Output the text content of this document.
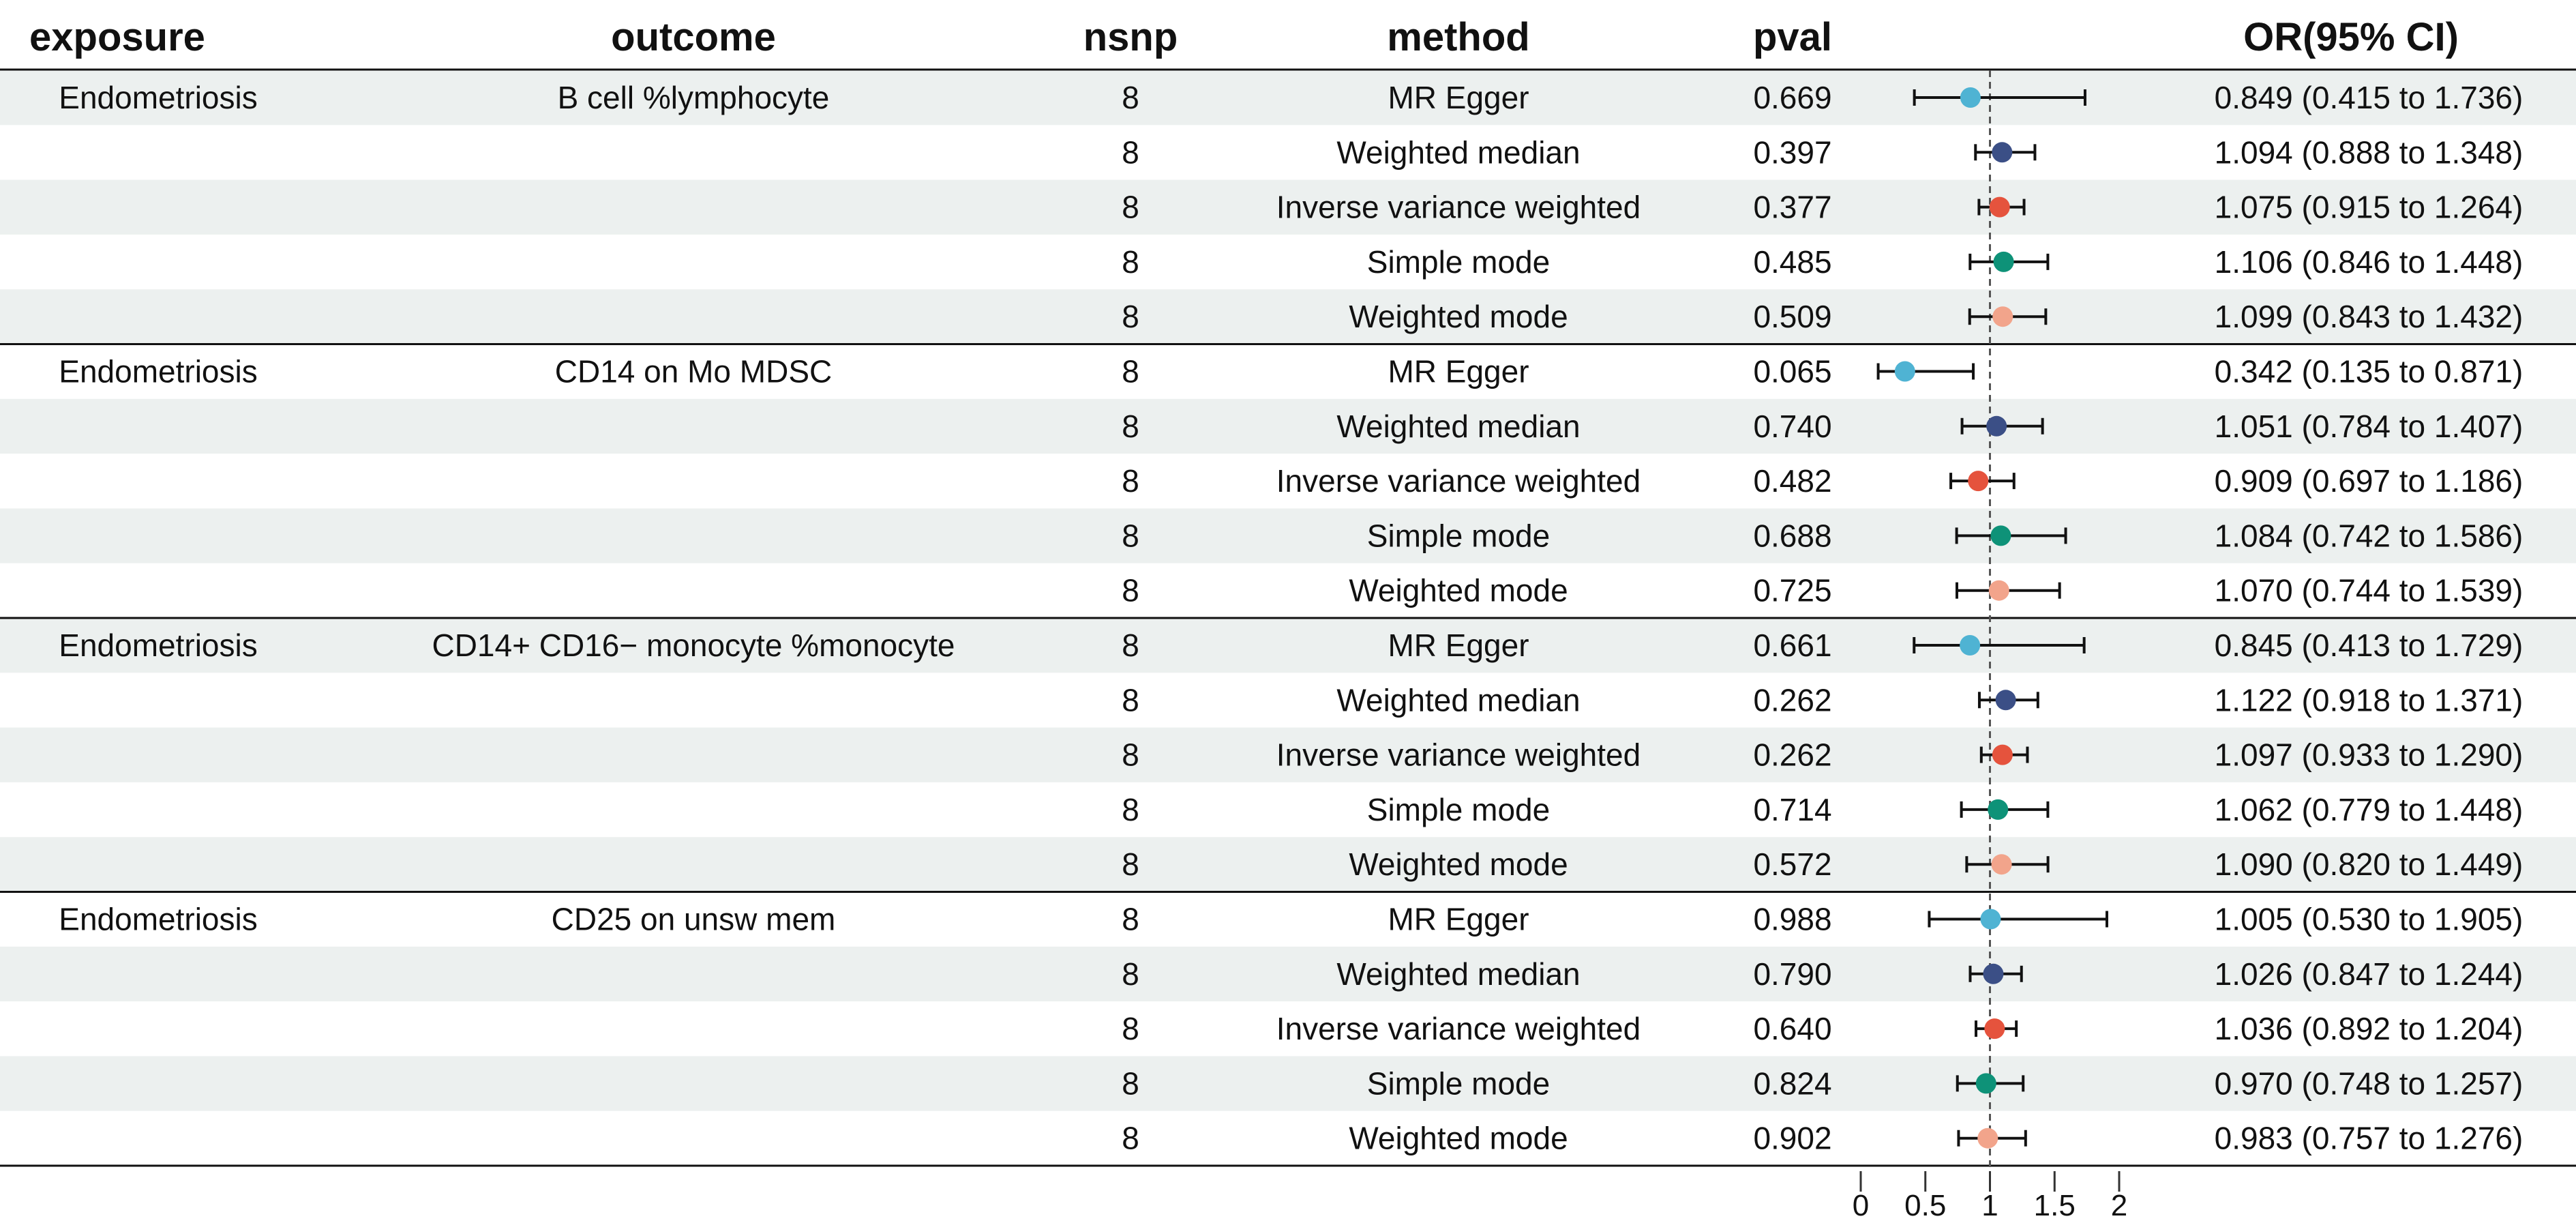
exposure	outcome	nsnp	method	pval	OR(95% CI)
Endometriosis	B cell %lymphocyte	8	MR Egger	0.669	0.849 (0.415 to 1.736)
8	Weighted median	0.397	1.094 (0.888 to 1.348)
8	Inverse variance weighted	0.377	1.075 (0.915 to 1.264)
8	Simple mode	0.485	1.106 (0.846 to 1.448)
8	Weighted mode	0.509	1.099 (0.843 to 1.432)
Endometriosis	CD14 on Mo MDSC	8	MR Egger	0.065	0.342 (0.135 to 0.871)
8	Weighted median	0.740	1.051 (0.784 to 1.407)
8	Inverse variance weighted	0.482	0.909 (0.697 to 1.186)
8	Simple mode	0.688	1.084 (0.742 to 1.586)
8	Weighted mode	0.725	1.070 (0.744 to 1.539)
Endometriosis	CD14+ CD16− monocyte %monocyte	8	MR Egger	0.661	0.845 (0.413 to 1.729)
8	Weighted median	0.262	1.122 (0.918 to 1.371)
8	Inverse variance weighted	0.262	1.097 (0.933 to 1.290)
8	Simple mode	0.714	1.062 (0.779 to 1.448)
8	Weighted mode	0.572	1.090 (0.820 to 1.449)
Endometriosis	CD25 on unsw mem	8	MR Egger	0.988	1.005 (0.530 to 1.905)
8	Weighted median	0.790	1.026 (0.847 to 1.244)
8	Inverse variance weighted	0.640	1.036 (0.892 to 1.204)
8	Simple mode	0.824	0.970 (0.748 to 1.257)
8	Weighted mode	0.902	0.983 (0.757 to 1.276)
0 0.5 1 1.5 2
